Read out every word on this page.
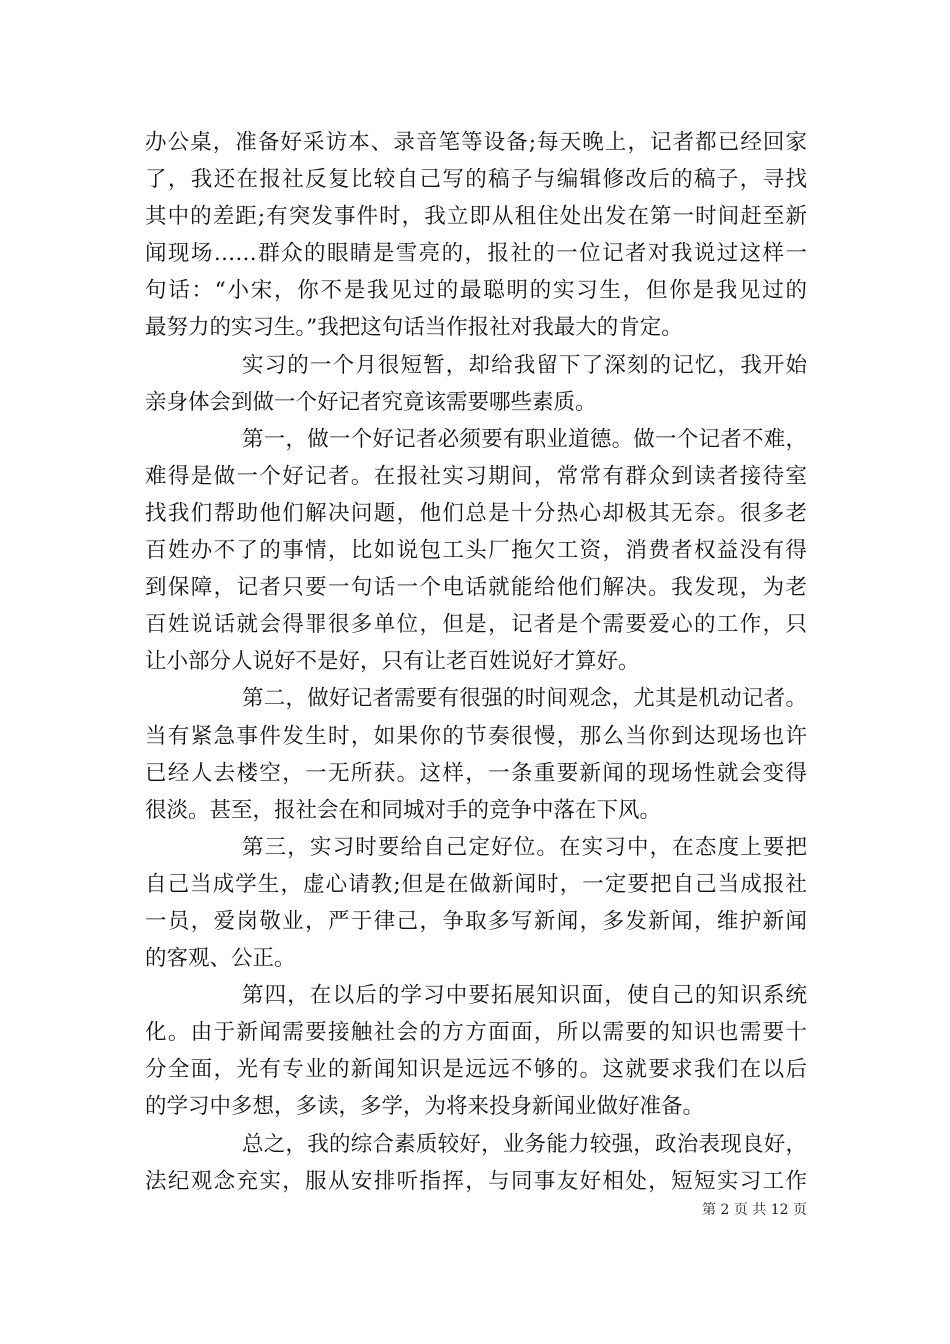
办公桌，准备好采访本、录音笔等设备;每天晚上，记者都已经回家
了，我还在报社反复比较自己写的稿子与编辑修改后的稿子，寻找
其中的差距;有突发事件时，我立即从租住处出发在第一时间赶至新
闻现场……群众的眼睛是雪亮的，报社的一位记者对我说过这样一
句话：“小宋，你不是我见过的最聪明的实习生，但你是我见过的
最努力的实习生。”我把这句话当作报社对我最大的肯定。
实习的一个月很短暂，却给我留下了深刻的记忆，我开始
亲身体会到做一个好记者究竟该需要哪些素质。
第一，做一个好记者必须要有职业道德。做一个记者不难，
难得是做一个好记者。在报社实习期间，常常有群众到读者接待室
找我们帮助他们解决问题，他们总是十分热心却极其无奈。很多老
百姓办不了的事情，比如说包工头厂拖欠工资，消费者权益没有得
到保障，记者只要一句话一个电话就能给他们解决。我发现，为老
百姓说话就会得罪很多单位，但是，记者是个需要爱心的工作，只
让小部分人说好不是好，只有让老百姓说好才算好。
第二，做好记者需要有很强的时间观念，尤其是机动记者。
当有紧急事件发生时，如果你的节奏很慢，那么当你到达现场也许
已经人去楼空，一无所获。这样，一条重要新闻的现场性就会变得
很淡。甚至，报社会在和同城对手的竞争中落在下风。
第三，实习时要给自己定好位。在实习中，在态度上要把
自己当成学生，虚心请教;但是在做新闻时，一定要把自己当成报社
一员，爱岗敬业，严于律己，争取多写新闻，多发新闻，维护新闻
的客观、公正。
第四，在以后的学习中要拓展知识面，使自己的知识系统
化。由于新闻需要接触社会的方方面面，所以需要的知识也需要十
分全面，光有专业的新闻知识是远远不够的。这就要求我们在以后
的学习中多想，多读，多学，为将来投身新闻业做好准备。
总之，我的综合素质较好，业务能力较强，政治表现良好，
法纪观念充实，服从安排听指挥，与同事友好相处，短短实习工作
第 2 页 共 12 页
